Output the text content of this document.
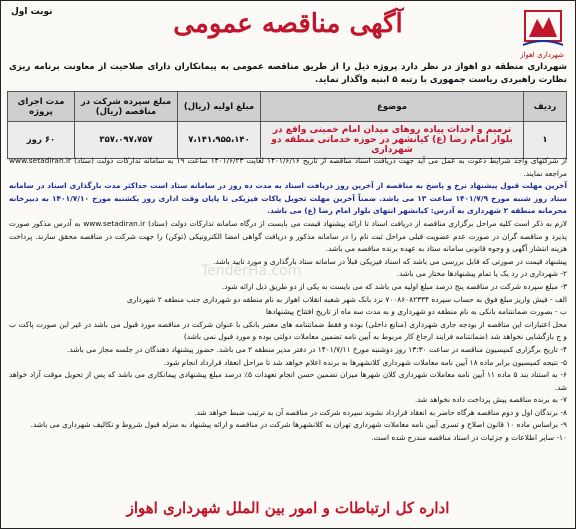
شهرداری اهواز
نوبت اول	آگهی مناقصه عمومی
شهرداری منطقه دو اهواز در نظر دارد پروژه ذیل را از طریق مناقصه عمومی به پیمانکاران دارای صلاحیت از معاونت برنامه ریزی نظارت راهبردی ریاست جمهوری با رتبه ۵ ابنیه واگذار نماید.
ردیف	موضوع	مبلغ اولیه (ریال)	مبلغ سپرده شرکت در مناقصه (ریال)	مدت اجرای پروژه
۱	ترمیم و احداث پیاده روهای میدان امام خمینی واقع در بلوار امام رضا (ع) کیانشهر در حوزه خدماتی منطقه دو شهرداری	۷،۱۴۱،۹۵۵،۱۴۰	۳۵۷،۰۹۷،۷۵۷	۶۰ روز

از شرکتهای واجد شرایط دعوت به عمل می آید جهت دریافت اسناد مناقصه از تاریخ ۱۴۰۱/۶/۱۶ لغایت ۱۴۰۱/۶/۲۳ ساعت ۱۹ به سامانه تدارکات دولت (ستاد) www.setadiran.ir مراجعه نمایند.

آخرین مهلت قبول پیشنهاد نرخ و پاسخ به مناقصه از آخرین روز دریافت اسناد به مدت ده روز در سامانه ستاد است حداکثر مدت بارگذاری اسناد در سامانه ستاد روز شنبه مورخ ۱۴۰۱/۷/۹ ساعت ۱۳ می باشد. ضمناً آخرین مهلت تحویل پاکات فیزیکی تا پایان وقت اداری روز یکشنبه مورخ ۱۴۰۱/۷/۱۰ به دبیرخانه محرمانه منطقه ۲ شهرداری به آدرس: کیانشهر انتهای بلوار امام رضا (ع) می باشد.

لازم به ذکر است کلیه مراحل برگزاری مناقصه از دریافت اسناد تا ارائه پیشنهاد قیمت می بایست از درگاه سامانه تدارکات دولت (ستاد) www.setadiran.ir به آدرس مذکور صورت پذیرد و مناقصه گران در صورت عدم عضویت قبلی مراحل ثبت نام را در سامانه مذکور و دریافت گواهی امضا الکترونیکی (توکن) را جهت شرکت در مناقصه محقق سازند. پرداخت هزینه انتشار آگهی و وجوه قانونی سامانه ستاد به عهده برنده مناقصه می باشد.

پیشنهاد قیمت در صورتی که قابل بررسی می باشد که اسناد فیزیکی قبلاً در سامانه ستاد بارگذاری و مورد تایید باشد.

۲- شهرداری در رد یک یا تمام پیشنهادها مختار می باشد.

۳- مبلغ سپرده شرکت در مناقصه پنج درصد مبلغ اولیه می باشد که می بایست به یکی از دو طریق ذیل ارائه شود.

الف - فیش واریز مبلغ فوق به حساب سپرده ۷۰۰۸۶۰۸۲۳۳۴ نزد بانک شهر شعبه انقلاب اهواز به نام منطقه دو شهرداری جنب منطقه ۲ شهرداری

ب - بصورت ضمانتنامه بانکی به نام منطقه دو شهرداری و به مدت سه ماه از تاریخ افتتاح پیشنهادها

محل اعتبارات این مناقصه از بودجه جاری شهرداری (منابع داخلی) بوده و فقط ضمانتنامه های معتبر بانکی با عنوان شرکت در مناقصه مورد قبول می باشد در غیر این صورت پاکت ب و ج بازگشایی نخواهد شد (ضمانتنامه فرایند ارجاع کار مربوط به آیین نامه تضمین معاملات دولتی بوده و مورد قبول نمی باشد)

۴- تاریخ برگزاری کمیسیون مناقصه در ساعت ۱۳:۳۰ روز دوشنبه مورخ ۱۴۰۱/۷/۱۱ در دفتر مدیر منطقه ۲ می باشد. حضور پیشنهاد دهندگان در جلسه مجاز می باشد.

۵- نتیجه کمیسیون برابر ماده ۱۸ آیین نامه معاملات شهرداری کلانشهرها به برنده اعلام خواهد شد تا مراحل انعقاد قرارداد انجام شود.

۶- به استناد بند ۵ ماده ۱۱ آیین نامه معاملات شهرداری کلان شهرها میزان تضمین حسن انجام تعهدات ۵٪ درصد مبلغ پیشنهادی پیمانکاری می باشد که پس از تحویل موقت آزاد خواهد شد.

۷- به برنده مناقصه پیش پرداخت داده نخواهد شد.

۸- برندگان اول و دوم مناقصه هرگاه حاضر به انعقاد قرارداد نشوند سپرده شرکت در مناقصه آن به ترتیب ضبط خواهد شد.

۹- براساس ماده ۱۰ قانون اصلاح و تسری آیین نامه معاملات شهرداری تهران به کلانشهرها شرکت در مناقصه و ارائه پیشنهاد به منزله قبول شروط و تکالیف شهرداری می باشد.

۱۰- سایر اطلاعات و جزئیات در اسناد مناقصه مندرج شده است.

TenderHa.com
اداره کل ارتباطات و امور بین الملل شهرداری اهواز
